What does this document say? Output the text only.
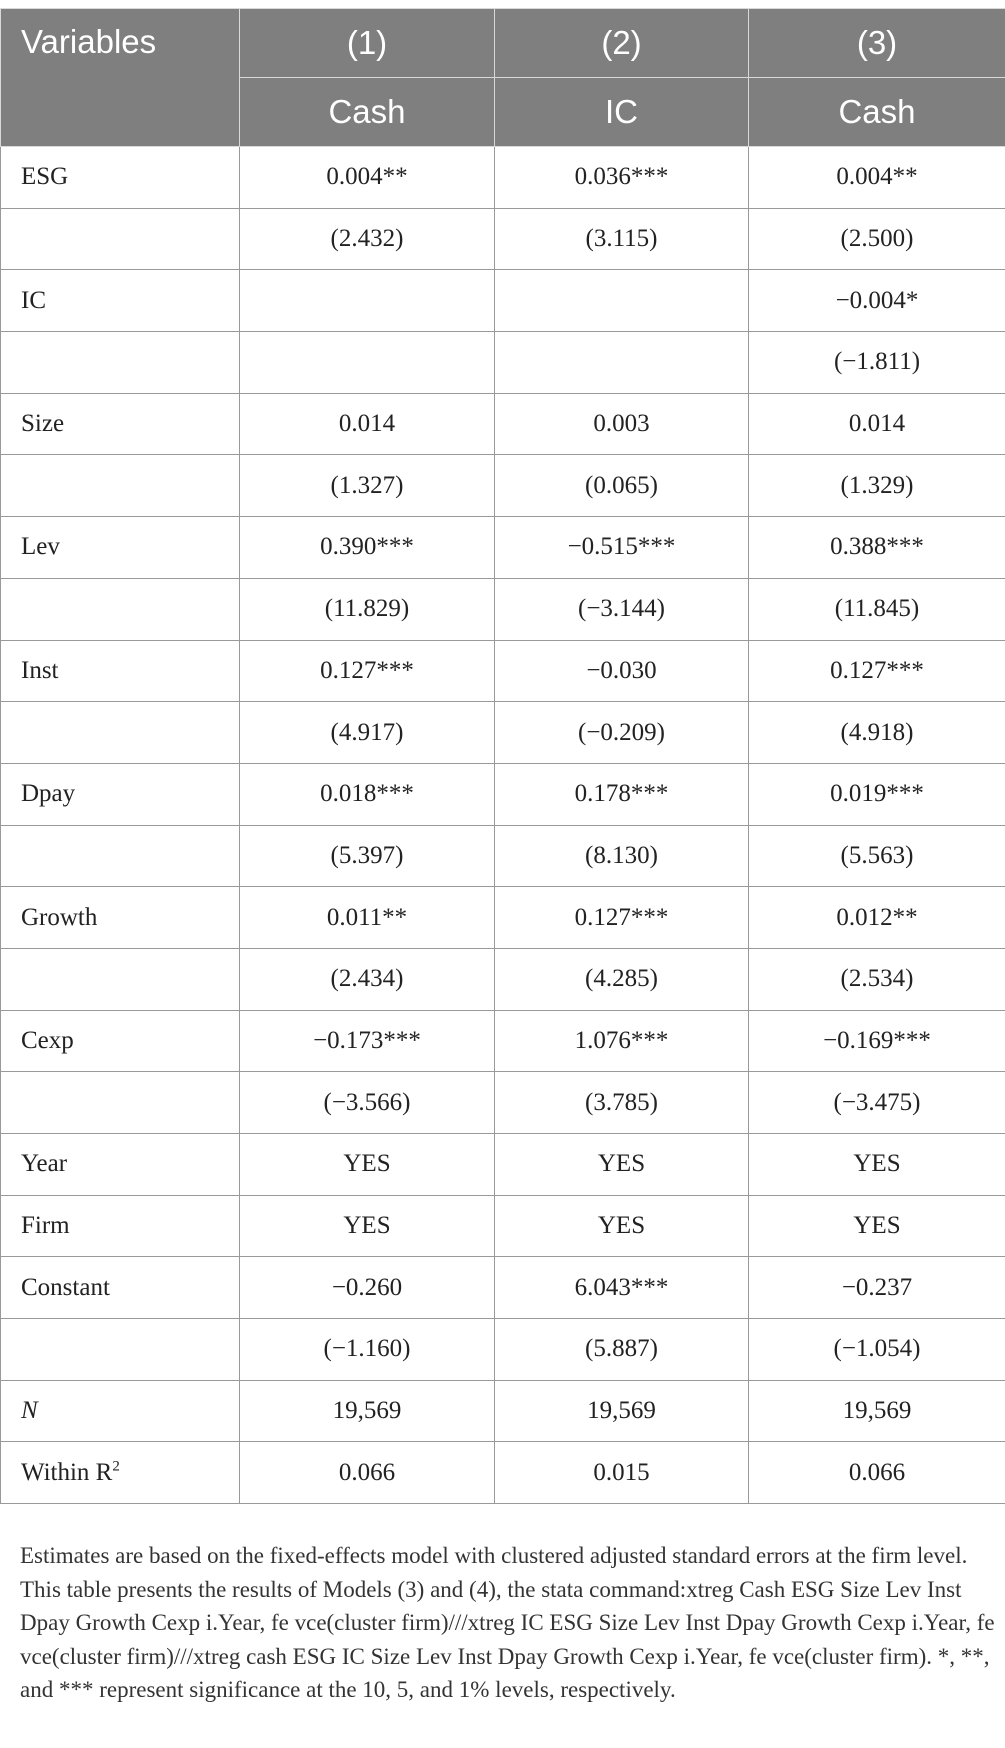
Variables	(1)	(2)	(3)
	Cash	IC	Cash
ESG	0.004**	0.036***	0.004**
	(2.432)	(3.115)	(2.500)
IC			−0.004*
			(−1.811)
Size	0.014	0.003	0.014
	(1.327)	(0.065)	(1.329)
Lev	0.390***	−0.515***	0.388***
	(11.829)	(−3.144)	(11.845)
Inst	0.127***	−0.030	0.127***
	(4.917)	(−0.209)	(4.918)
Dpay	0.018***	0.178***	0.019***
	(5.397)	(8.130)	(5.563)
Growth	0.011**	0.127***	0.012**
	(2.434)	(4.285)	(2.534)
Cexp	−0.173***	1.076***	−0.169***
	(−3.566)	(3.785)	(−3.475)
Year	YES	YES	YES
Firm	YES	YES	YES
Constant	−0.260	6.043***	−0.237
	(−1.160)	(5.887)	(−1.054)
N	19,569	19,569	19,569
Within $R^2$	0.066	0.015	0.066

Estimates are based on the fixed-effects model with clustered adjusted standard errors at the firm level. This table presents the results of Models (3) and (4), the stata command:xtreg Cash ESG Size Lev Inst Dpay Growth Cexp i.Year, fe vce(cluster firm)///xtreg IC ESG Size Lev Inst Dpay Growth Cexp i.Year, fe vce(cluster firm)///xtreg cash ESG IC Size Lev Inst Dpay Growth Cexp i.Year, fe vce(cluster firm). *, **, and *** represent significance at the 10, 5, and 1% levels, respectively.
